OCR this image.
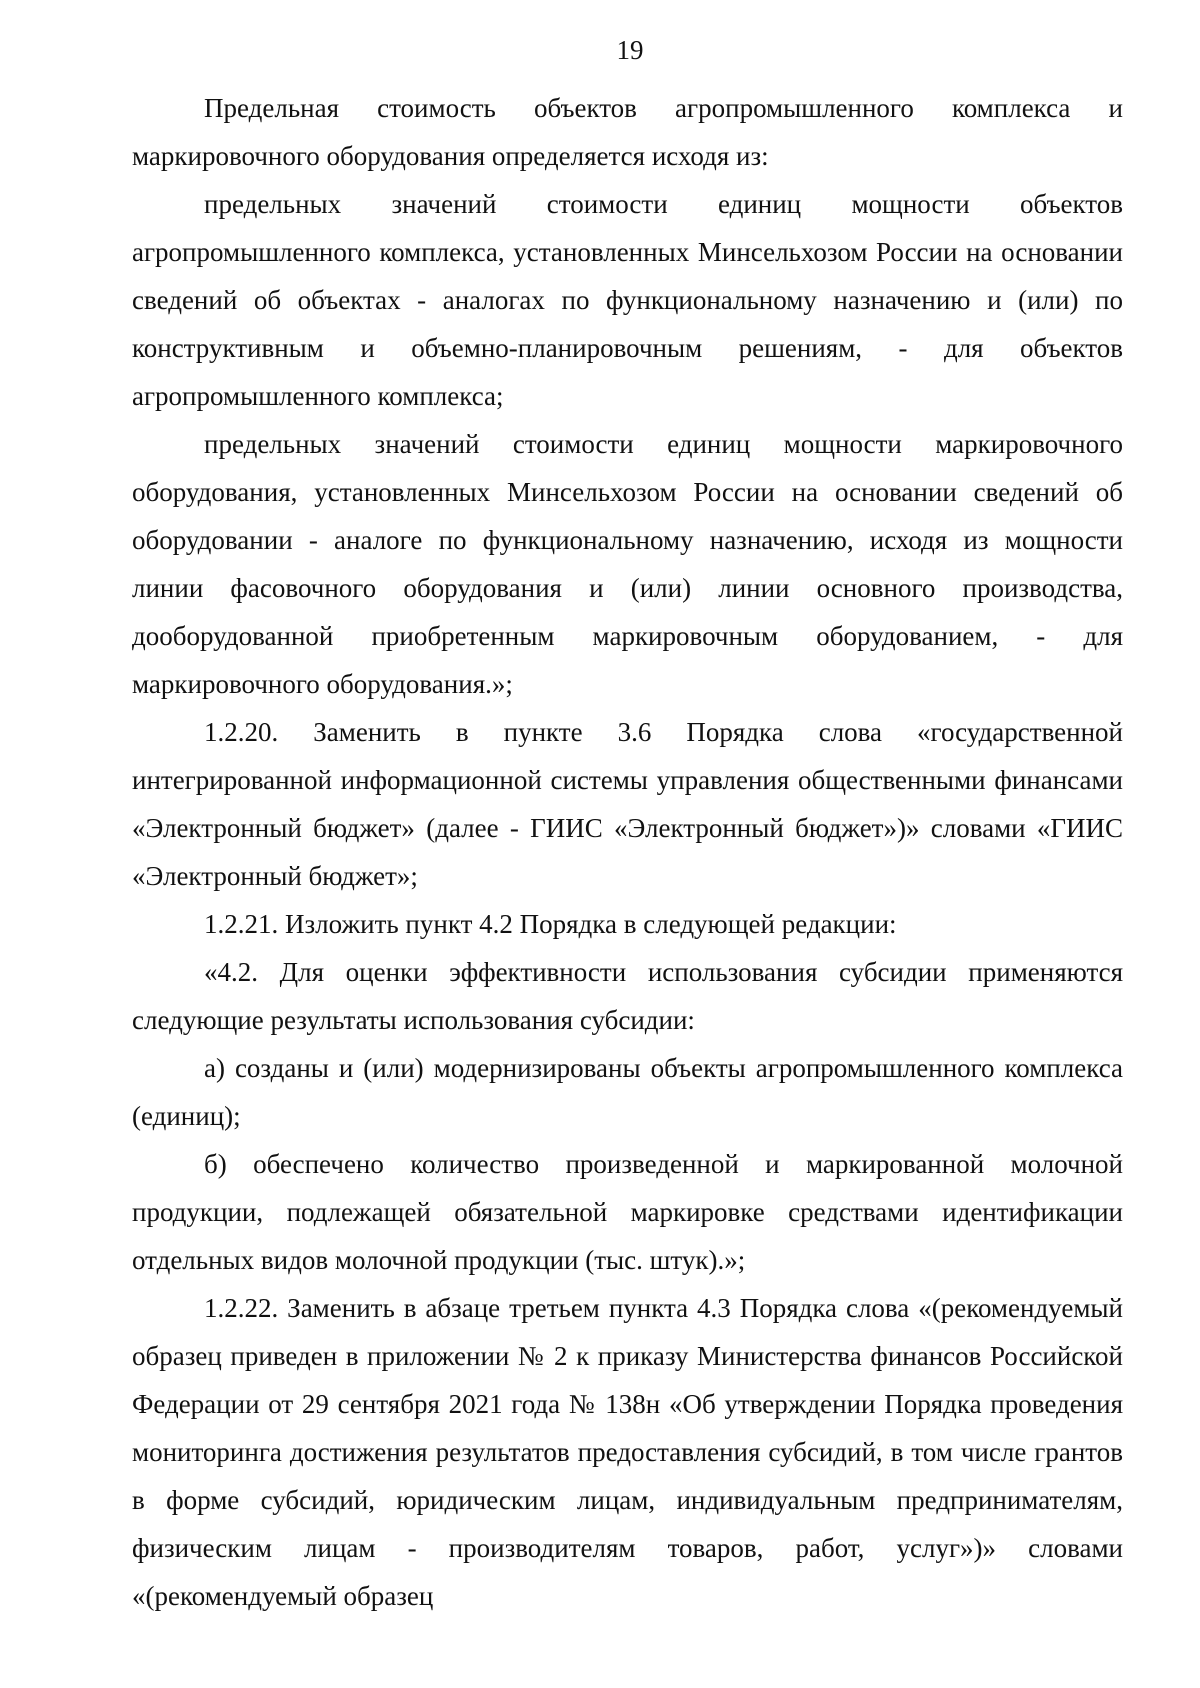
19

Предельная стоимость объектов агропромышленного комплекса и маркировочного оборудования определяется исходя из:

предельных значений стоимости единиц мощности объектов агропромышленного комплекса, установленных Минсельхозом России на основании сведений об объектах - аналогах по функциональному назначению и (или) по конструктивным и объемно-планировочным решениям, - для объектов агропромышленного комплекса;

предельных значений стоимости единиц мощности маркировочного оборудования, установленных Минсельхозом России на основании сведений об оборудовании - аналоге по функциональному назначению, исходя из мощности линии фасовочного оборудования и (или) линии основного производства, дооборудованной приобретенным маркировочным оборудованием, - для маркировочного оборудования.»;

1.2.20. Заменить в пункте 3.6 Порядка слова «государственной интегрированной информационной системы управления общественными финансами «Электронный бюджет» (далее - ГИИС «Электронный бюджет»)» словами «ГИИС «Электронный бюджет»;

1.2.21. Изложить пункт 4.2 Порядка в следующей редакции:

«4.2. Для оценки эффективности использования субсидии применяются следующие результаты использования субсидии:

а) созданы и (или) модернизированы объекты агропромышленного комплекса (единиц);

б) обеспечено количество произведенной и маркированной молочной продукции, подлежащей обязательной маркировке средствами идентификации отдельных видов молочной продукции (тыс. штук).»;

1.2.22. Заменить в абзаце третьем пункта 4.3 Порядка слова «(рекомендуемый образец приведен в приложении № 2 к приказу Министерства финансов Российской Федерации от 29 сентября 2021 года № 138н «Об утверждении Порядка проведения мониторинга достижения результатов предоставления субсидий, в том числе грантов в форме субсидий, юридическим лицам, индивидуальным предпринимателям, физическим лицам - производителям товаров, работ, услуг»)» словами «(рекомендуемый образец
